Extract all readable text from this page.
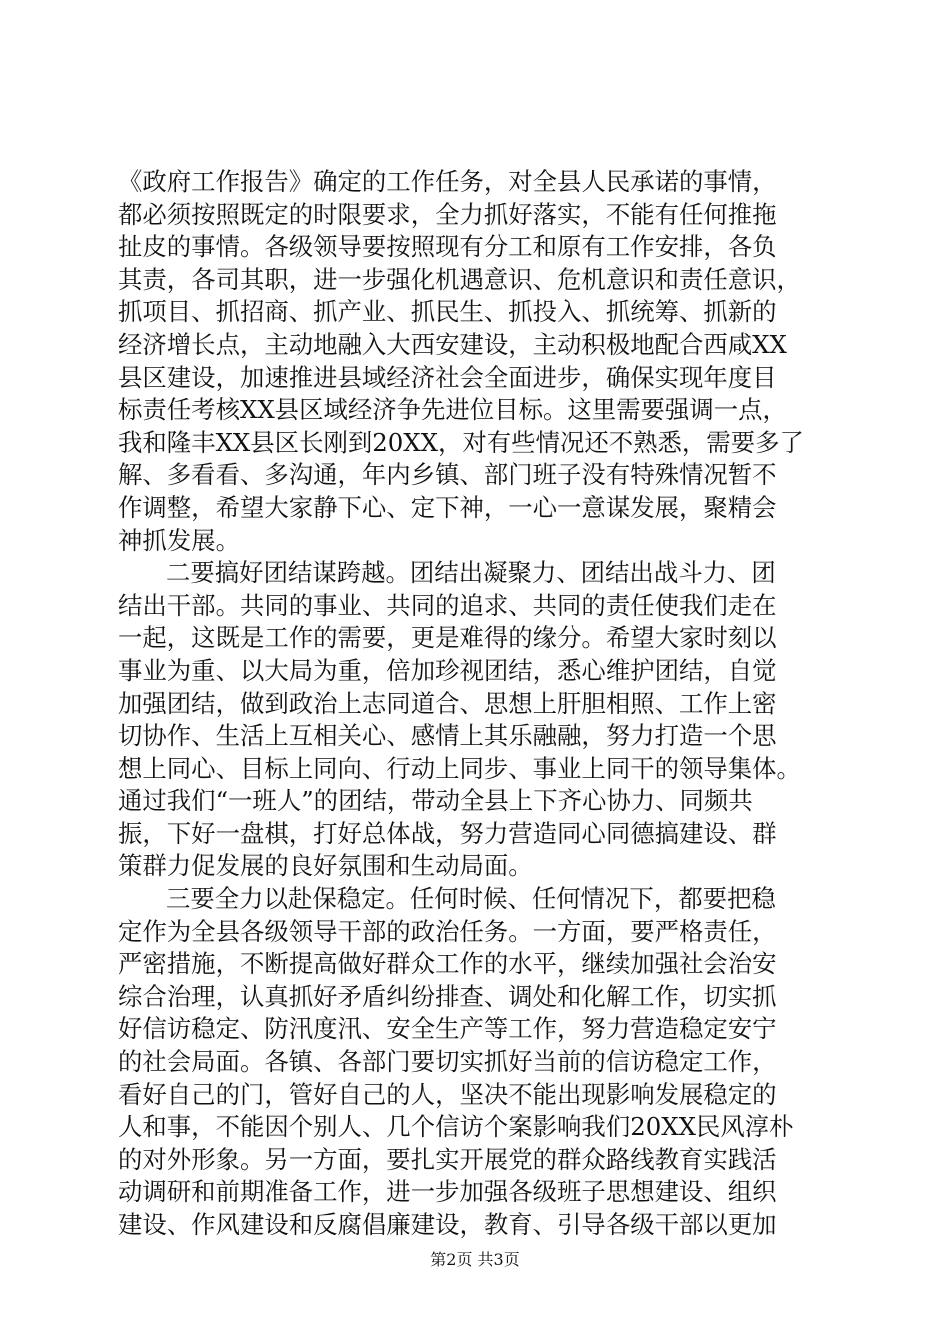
《政府工作报告》确定的工作任务，对全县人民承诺的事情，
都必须按照既定的时限要求，全力抓好落实，不能有任何推拖
扯皮的事情。各级领导要按照现有分工和原有工作安排，各负
其责，各司其职，进一步强化机遇意识、危机意识和责任意识，
抓项目、抓招商、抓产业、抓民生、抓投入、抓统筹、抓新的
经济增长点，主动地融入大西安建设，主动积极地配合西咸XX
县区建设，加速推进县域经济社会全面进步，确保实现年度目
标责任考核XX县区域经济争先进位目标。这里需要强调一点，
我和隆丰XX县区长刚到20XX，对有些情况还不熟悉，需要多了
解、多看看、多沟通，年内乡镇、部门班子没有特殊情况暂不
作调整，希望大家静下心、定下神，一心一意谋发展，聚精会
神抓发展。
二要搞好团结谋跨越。团结出凝聚力、团结出战斗力、团
结出干部。共同的事业、共同的追求、共同的责任使我们走在
一起，这既是工作的需要，更是难得的缘分。希望大家时刻以
事业为重、以大局为重，倍加珍视团结，悉心维护团结，自觉
加强团结，做到政治上志同道合、思想上肝胆相照、工作上密
切协作、生活上互相关心、感情上其乐融融，努力打造一个思
想上同心、目标上同向、行动上同步、事业上同干的领导集体。
通过我们“一班人”的团结，带动全县上下齐心协力、同频共
振，下好一盘棋，打好总体战，努力营造同心同德搞建设、群
策群力促发展的良好氛围和生动局面。
三要全力以赴保稳定。任何时候、任何情况下，都要把稳
定作为全县各级领导干部的政治任务。一方面，要严格责任，
严密措施，不断提高做好群众工作的水平，继续加强社会治安
综合治理，认真抓好矛盾纠纷排查、调处和化解工作，切实抓
好信访稳定、防汛度汛、安全生产等工作，努力营造稳定安宁
的社会局面。各镇、各部门要切实抓好当前的信访稳定工作，
看好自己的门，管好自己的人，坚决不能出现影响发展稳定的
人和事，不能因个别人、几个信访个案影响我们20XX民风淳朴
的对外形象。另一方面，要扎实开展党的群众路线教育实践活
动调研和前期准备工作，进一步加强各级班子思想建设、组织
建设、作风建设和反腐倡廉建设，教育、引导各级干部以更加
第2页 共3页
